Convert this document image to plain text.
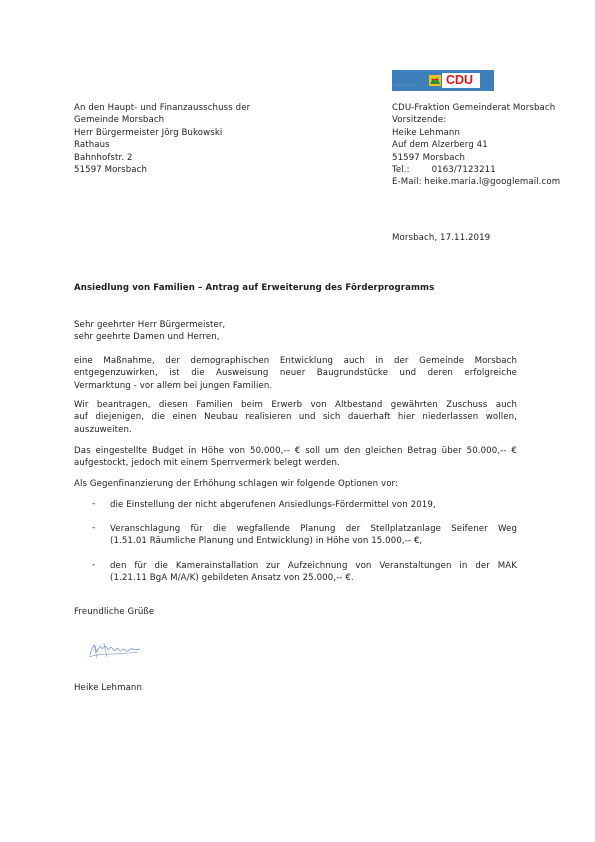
• • • • • • • • CDU
An den Haupt- und Finanzausschuss der
Gemeinde Morsbach
Herr Bürgermeister Jörg Bukowski
Rathaus
Bahnhofstr. 2
51597 Morsbach
CDU-Fraktion Gemeinderat Morsbach
Vorsitzende:
Heike Lehmann
Auf dem Alzerberg 41
51597 Morsbach
Tel.:	0163/7123211
E-Mail: heike.maria.l@googlemail.com
Morsbach, 17.11.2019
Ansiedlung von Familien – Antrag auf Erweiterung des Förderprogramms
Sehr geehrter Herr Bürgermeister,
sehr geehrte Damen und Herren,
eine Maßnahme, der demographischen Entwicklung auch in der Gemeinde Morsbach
entgegenzuwirken, ist die Ausweisung neuer Baugrundstücke und deren erfolgreiche
Vermarktung - vor allem bei jungen Familien.
Wir beantragen, diesen Familien beim Erwerb von Altbestand gewährten Zuschuss auch
auf diejenigen, die einen Neubau realisieren und sich dauerhaft hier niederlassen wollen,
auszuweiten.
Das eingestellte Budget in Höhe von 50.000,-- € soll um den gleichen Betrag über 50.000,-- €
aufgestockt, jedoch mit einem Sperrvermerk belegt werden.
Als Gegenfinanzierung der Erhöhung schlagen wir folgende Optionen vor:
- die Einstellung der nicht abgerufenen Ansiedlungs-Fördermittel von 2019,
- Veranschlagung für die wegfallende Planung der Stellplatzanlage Seifener Weg
(1.51.01 Räumliche Planung und Entwicklung) in Höhe von 15.000,-- €,
- den für die Kamerainstallation zur Aufzeichnung von Veranstaltungen in der MAK
(1.21.11 BgA M/A/K) gebildeten Ansatz von 25.000,-- €.
Freundliche Grüße
Heike Lehmann
